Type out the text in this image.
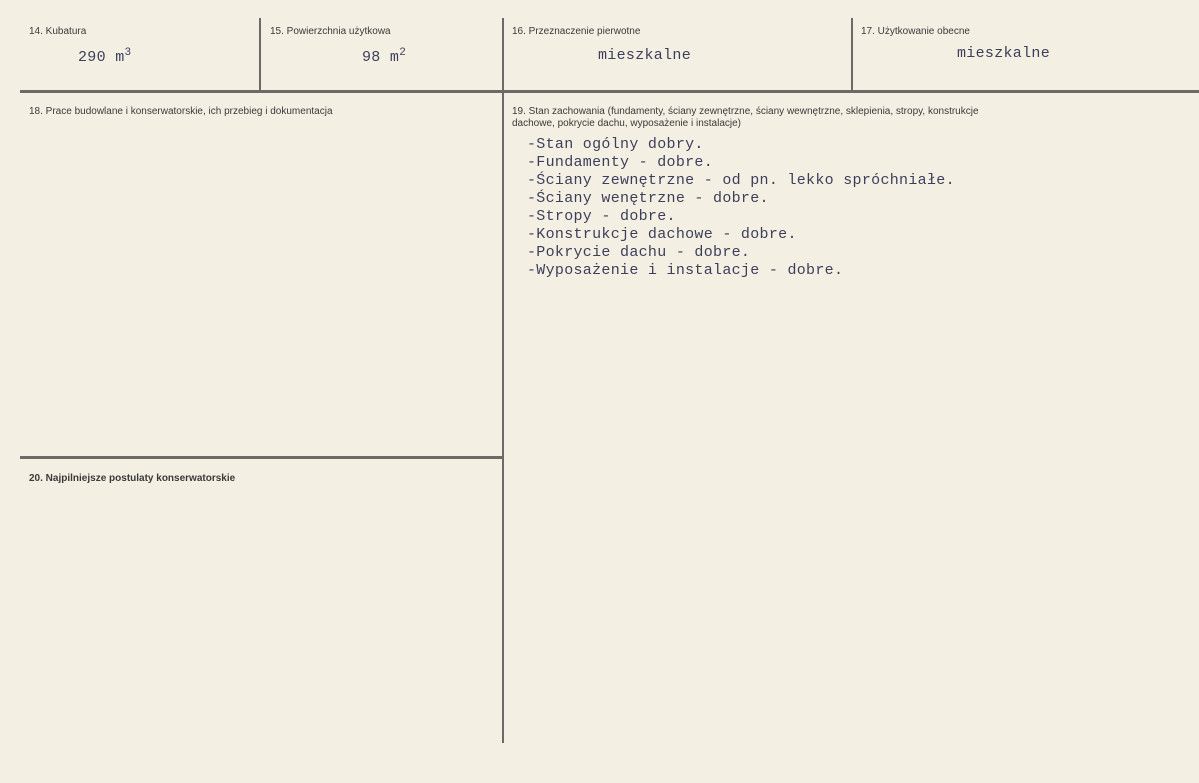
14. Kubatura
290 $m^3$
15. Powierzchnia użytkowa
98 $m^2$
16. Przeznaczenie pierwotne
mieszkalne
17. Użytkowanie obecne
mieszkalne
18. Prace budowlane i konserwatorskie, ich przebieg i dokumentacja	19. Stan zachowania (fundamenty, ściany zewnętrzne, ściany wewnętrzne, sklepienia, stropy, konstrukcje dachowe, pokrycie dachu, wyposażenie i instalacje)
-Stan ogólny dobry.
-Fundamenty - dobre.
-Ściany zewnętrzne - od pn. lekko spróchniałe.
-Ściany wenętrzne - dobre.
-Stropy - dobre.
-Konstrukcje dachowe - dobre.
-Pokrycie dachu - dobre.
-Wyposażenie i instalacje - dobre.
20. Najpilniejsze postulaty konserwatorskie
